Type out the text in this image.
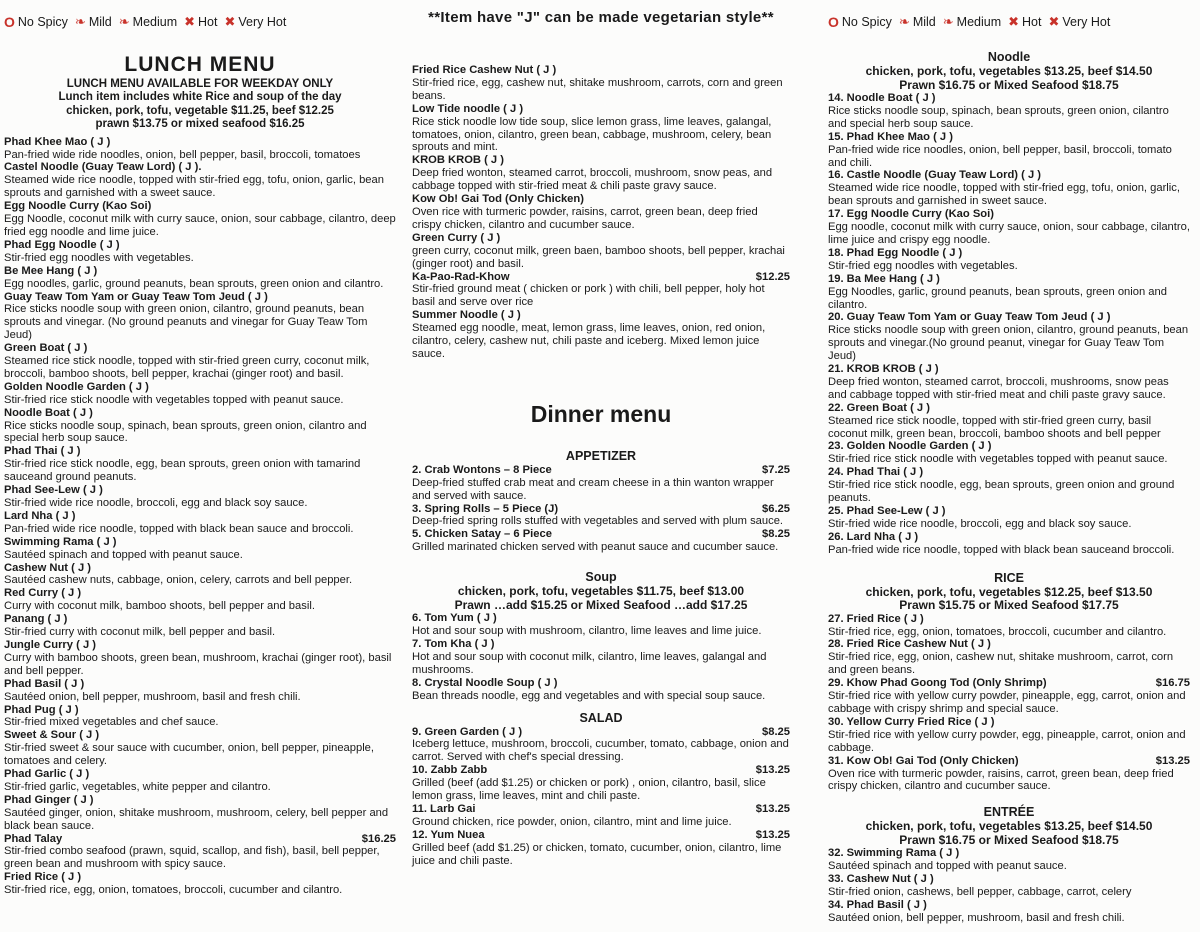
O No Spicy ❧ Mild ❧︎ Medium ✖ Hot ✖ Very Hot
LUNCH MENU
LUNCH MENU AVAILABLE FOR WEEKDAY ONLY
Lunch item includes white Rice and soup of the day
chicken, pork, tofu, vegetable $11.25, beef $12.25
prawn $13.75 or mixed seafood $16.25
Phad Khee Mao ( J )
Pan-fried wide ride noodles, onion, bell pepper, basil, broccoli, tomatoes
Castel Noodle (Guay Teaw Lord) ( J ).
Steamed wide rice noodle, topped with stir-fried egg, tofu, onion, garlic, bean sprouts and garnished with a sweet sauce.
Egg Noodle Curry (Kao Soi)
Egg Noodle, coconut milk with curry sauce, onion, sour cabbage, cilantro, deep fried egg noodle and lime juice.
Phad Egg Noodle ( J )
Stir-fried egg noodles with vegetables.
Be Mee Hang ( J )
Egg noodles, garlic, ground peanuts, bean sprouts, green onion and cilantro.
Guay Teaw Tom Yam or Guay Teaw Tom Jeud ( J )
Rice sticks noodle soup with green onion, cilantro, ground peanuts, bean sprouts and vinegar. (No ground peanuts and vinegar for Guay Teaw Tom Jeud)
Green Boat ( J )
Steamed rice stick noodle, topped with stir-fried green curry, coconut milk, broccoli, bamboo shoots, bell pepper, krachai (ginger root) and basil.
Golden Noodle Garden ( J )
Stir-fried rice stick noodle with vegetables topped with peanut sauce.
Noodle Boat ( J )
Rice sticks noodle soup, spinach, bean sprouts, green onion, cilantro and special herb soup sauce.
Phad Thai ( J )
Stir-fried rice stick noodle, egg, bean sprouts, green onion with tamarind sauceand ground peanuts.
Phad See-Lew ( J )
Stir-fried wide rice noodle, broccoli, egg and black soy sauce.
Lard Nha ( J )
Pan-fried wide rice noodle, topped with black bean sauce and broccoli.
Swimming Rama ( J )
Sautéed spinach and topped with peanut sauce.
Cashew Nut ( J )
Sautéed cashew nuts, cabbage, onion, celery, carrots and bell pepper.
Red Curry ( J )
Curry with coconut milk, bamboo shoots, bell pepper and basil.
Panang ( J )
Stir-fried curry with coconut milk, bell pepper and basil.
Jungle Curry ( J )
Curry with bamboo shoots, green bean, mushroom, krachai (ginger root), basil and bell pepper.
Phad Basil ( J )
Sautéed onion, bell pepper, mushroom, basil and fresh chili.
Phad Pug ( J )
Stir-fried mixed vegetables and chef sauce.
Sweet & Sour ( J )
Stir-fried sweet & sour sauce with cucumber, onion, bell pepper, pineapple, tomatoes and celery.
Phad Garlic ( J )
Stir-fried garlic, vegetables, white pepper and cilantro.
Phad Ginger ( J )
Sautéed ginger, onion, shitake mushroom, mushroom, celery, bell pepper and black bean sauce.
Phad Talay	$16.25
Stir-fried combo seafood (prawn, squid, scallop, and fish), basil, bell pepper, green bean and mushroom with spicy sauce.
Fried Rice ( J )
Stir-fried rice, egg, onion, tomatoes, broccoli, cucumber and cilantro.
**Item have "J" can be made vegetarian style**
Fried Rice Cashew Nut ( J )
Stir-fried rice, egg, cashew nut, shitake mushroom, carrots, corn and green beans.
Low Tide noodle ( J )
Rice stick noodle low tide soup, slice lemon grass, lime leaves, galangal, tomatoes, onion, cilantro, green bean, cabbage, mushroom, celery, bean sprouts and mint.
KROB KROB ( J )
Deep fried wonton, steamed carrot, broccoli, mushroom, snow peas, and cabbage topped with stir-fried meat & chili paste gravy sauce.
Kow Ob! Gai Tod (Only Chicken)
Oven rice with turmeric powder, raisins, carrot, green bean, deep fried crispy chicken, cilantro and cucumber sauce.
Green Curry ( J )
green curry, coconut milk, green baen, bamboo shoots, bell pepper, krachai (ginger root) and basil.
Ka-Pao-Rad-Khow	$12.25
Stir-fried ground meat ( chicken or pork ) with chili, bell pepper, holy hot basil and serve over rice
Summer Noodle ( J )
Steamed egg noodle, meat, lemon grass, lime leaves, onion, red onion, cilantro, celery, cashew nut, chili paste and iceberg. Mixed lemon juice sauce.
Dinner menu
APPETIZER
2. Crab Wontons – 8 Piece	$7.25
Deep-fried stuffed crab meat and cream cheese in a thin wanton wrapper and served with sauce.
3. Spring Rolls – 5 Piece (J)	$6.25
Deep-fried spring rolls stuffed with vegetables and served with plum sauce.
5. Chicken Satay – 6 Piece	$8.25
Grilled marinated chicken served with peanut sauce and cucumber sauce.
Soup
chicken, pork, tofu, vegetables $11.75, beef $13.00
Prawn …add $15.25 or Mixed Seafood …add $17.25
6. Tom Yum ( J )
Hot and sour soup with mushroom, cilantro, lime leaves and lime juice.
7. Tom Kha ( J )
Hot and sour soup with coconut milk, cilantro, lime leaves, galangal and mushrooms.
8. Crystal Noodle Soup ( J )
Bean threads noodle, egg and vegetables and with special soup sauce.
SALAD
9. Green Garden ( J )	$8.25
Iceberg lettuce, mushroom, broccoli, cucumber, tomato, cabbage, onion and carrot. Served with chef's special dressing.
10. Zabb Zabb	$13.25
Grilled (beef (add $1.25) or chicken or pork) , onion, cilantro, basil, slice lemon grass, lime leaves, mint and chili paste.
11. Larb Gai	$13.25
Ground chicken, rice powder, onion, cilantro, mint and lime juice.
12. Yum Nuea	$13.25
Grilled beef (add $1.25) or chicken, tomato, cucumber, onion, cilantro, lime juice and chili paste.
O No Spicy ❧ Mild ❧︎ Medium ✖ Hot ✖ Very Hot
Noodle
chicken, pork, tofu, vegetables $13.25, beef $14.50
Prawn $16.75 or Mixed Seafood $18.75
14. Noodle Boat ( J )
Rice sticks noodle soup, spinach, bean sprouts, green onion, cilantro and special herb soup sauce.
15. Phad Khee Mao ( J )
Pan-fried wide rice noodles, onion, bell pepper, basil, broccoli, tomato and chili.
16. Castle Noodle (Guay Teaw Lord) ( J )
Steamed wide rice noodle, topped with stir-fried egg, tofu, onion, garlic, bean sprouts and garnished in sweet sauce.
17. Egg Noodle Curry (Kao Soi)
Egg noodle, coconut milk with curry sauce, onion, sour cabbage, cilantro, lime juice and crispy egg noodle.
18. Phad Egg Noodle ( J )
Stir-fried egg noodles with vegetables.
19. Ba Mee Hang ( J )
Egg Noodles, garlic, ground peanuts, bean sprouts, green onion and cilantro.
20. Guay Teaw Tom Yam or Guay Teaw Tom Jeud ( J )
Rice sticks noodle soup with green onion, cilantro, ground peanuts, bean sprouts and vinegar.(No ground peanut, vinegar for Guay Teaw Tom Jeud)
21. KROB KROB ( J )
Deep fried wonton, steamed carrot, broccoli, mushrooms, snow peas and cabbage topped with stir-fried meat and chili paste gravy sauce.
22. Green Boat ( J )
Steamed rice stick noodle, topped with stir-fried green curry, basil coconut milk, green bean, broccoli, bamboo shoots and bell pepper
23. Golden Noodle Garden ( J )
Stir-fried rice stick noodle with vegetables topped with peanut sauce.
24. Phad Thai ( J )
Stir-fried rice stick noodle, egg, bean sprouts, green onion and ground peanuts.
25. Phad See-Lew ( J )
Stir-fried wide rice noodle, broccoli, egg and black soy sauce.
26. Lard Nha ( J )
Pan-fried wide rice noodle, topped with black bean sauceand broccoli.
RICE
chicken, pork, tofu, vegetables $12.25, beef $13.50
Prawn $15.75 or Mixed Seafood $17.75
27. Fried Rice ( J )
Stir-fried rice, egg, onion, tomatoes, broccoli, cucumber and cilantro.
28. Fried Rice Cashew Nut ( J )
Stir-fried rice, egg, onion, cashew nut, shitake mushroom, carrot, corn and green beans.
29. Khow Phad Goong Tod (Only Shrimp)	$16.75
Stir-fried rice with yellow curry powder, pineapple, egg, carrot, onion and cabbage with crispy shrimp and special sauce.
30. Yellow Curry Fried Rice ( J )
Stir-fried rice with yellow curry powder, egg, pineapple, carrot, onion and cabbage.
31. Kow Ob! Gai Tod (Only Chicken)	$13.25
Oven rice with turmeric powder, raisins, carrot, green bean, deep fried crispy chicken, cilantro and cucumber sauce.
ENTRÉE
chicken, pork, tofu, vegetables $13.25, beef $14.50
Prawn $16.75 or Mixed Seafood $18.75
32. Swimming Rama ( J )
Sautéed spinach and topped with peanut sauce.
33. Cashew Nut ( J )
Stir-fried onion, cashews, bell pepper, cabbage, carrot, celery
34. Phad Basil ( J )
Sautéed onion, bell pepper, mushroom, basil and fresh chili.
